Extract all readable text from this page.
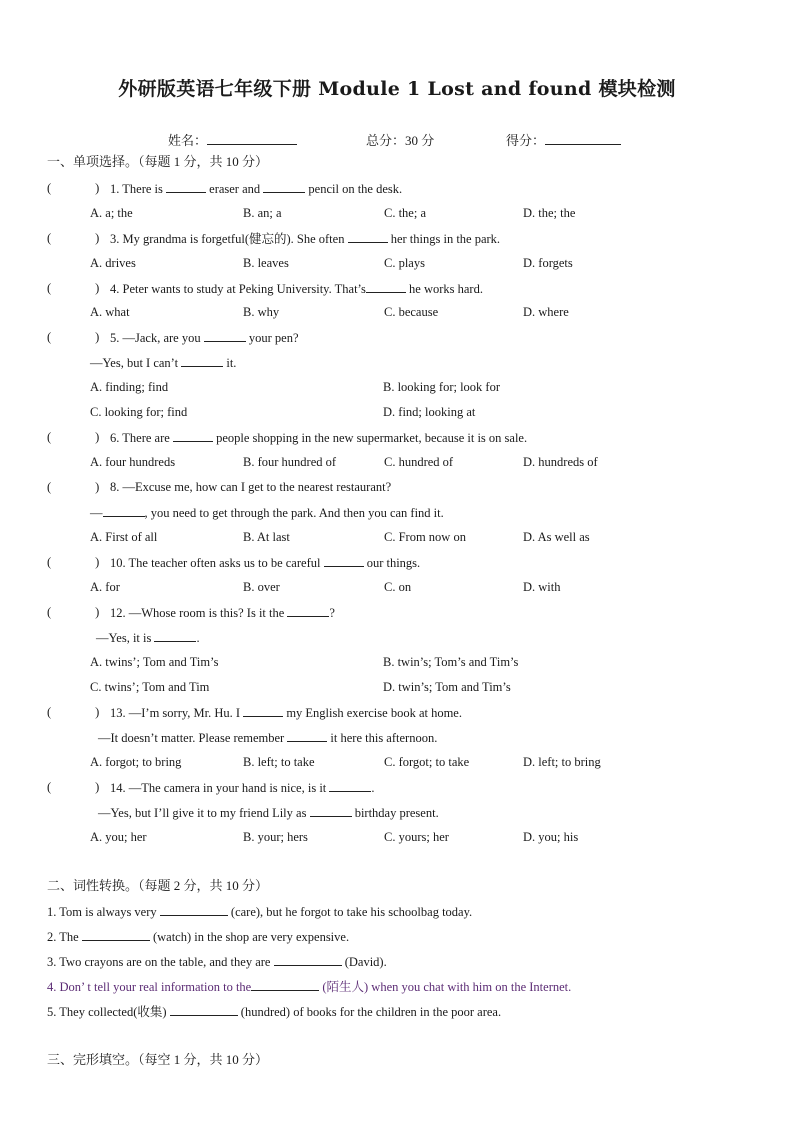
外研版英语七年级下册 Module 1 Lost and found 模块检测
姓名：	总分：30 分	得分：
一、单项选择。（每题 1 分，共 10 分）
(	) 1. There is	eraser and	pencil on the desk.
A. a; the	B. an; a	C. the; a	D. the; the
(	) 3. My grandma is forgetful(健忘的). She often	her things in the park.
A. drives	B. leaves	C. plays	D. forgets
(	) 4. Peter wants to study at Peking University. That’s	he works hard.
A. what	B. why	C. because	D. where
(	) 5. —Jack, are you	your pen?
—Yes, but I can’t	it.
A. finding; find	B. looking for; look for
C. looking for; find	D. find; looking at
(	) 6. There are	people shopping in the new supermarket, because it is on sale.
A. four hundreds	B. four hundred of	C. hundred of	D. hundreds of
(	) 8. —Excuse me, how can I get to the nearest restaurant?
—	, you need to get through the park. And then you can find it.
A. First of all	B. At last	C. From now on	D. As well as
(	) 10. The teacher often asks us to be careful	our things.
A. for	B. over	C. on	D. with
(	) 12. —Whose room is this? Is it the	?
—Yes, it is	.
A. twins’; Tom and Tim’s	B. twin’s; Tom’s and Tim’s
C. twins’; Tom and Tim	D. twin’s; Tom and Tim’s
(	) 13. —I’m sorry, Mr. Hu. I	my English exercise book at home.
—It doesn’t matter. Please remember	it here this afternoon.
A. forgot; to bring	B. left; to take	C. forgot; to take	D. left; to bring
(	) 14. —The camera in your hand is nice, is it	.
—Yes, but I’ll give it to my friend Lily as	birthday present.
A. you; her	B. your; hers	C. yours; her	D. you; his
二、词性转换。（每题 2 分，共 10 分）
1. Tom is always very	(care), but he forgot to take his schoolbag today.
2. The	(watch) in the shop are very expensive.
3. Two crayons are on the table, and they are	(David).
4. Don’ t tell your real information to the	(陌生人) when you chat with him on the Internet.
5. They collected(收集)	(hundred) of books for the children in the poor area.
三、完形填空。（每空 1 分，共 10 分）
